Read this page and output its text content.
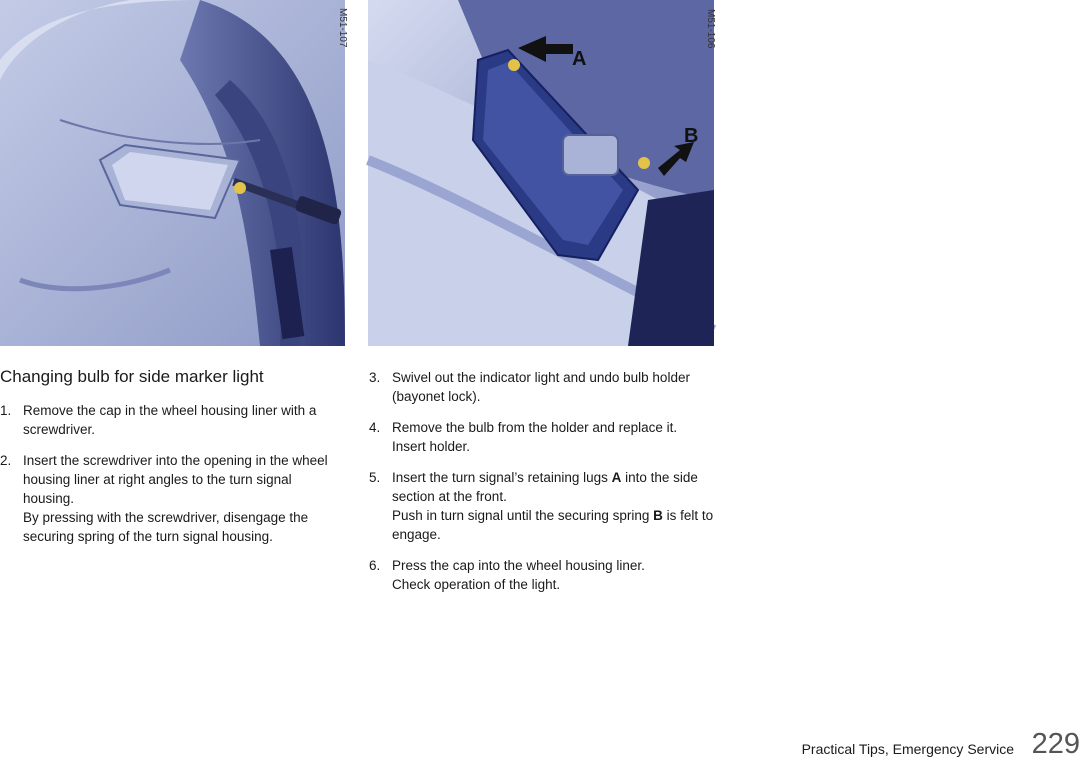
M51-107
A
B
M51-106
Changing bulb for side marker light
1. Remove the cap in the wheel housing liner with a screwdriver.

2. Insert the screwdriver into the opening in the wheel housing liner at right angles to the turn signal housing.

By pressing with the screwdriver, disengage the securing spring of the turn signal housing.

3. Swivel out the indicator light and undo bulb holder (bayonet lock).

4. Remove the bulb from the holder and replace it. Insert holder.

5. Insert the turn signal’s retaining lugs A into the side section at the front.

Push in turn signal until the securing spring B is felt to engage.

6. Press the cap into the wheel housing liner.

Check operation of the light.

Practical Tips, Emergency Service 229
